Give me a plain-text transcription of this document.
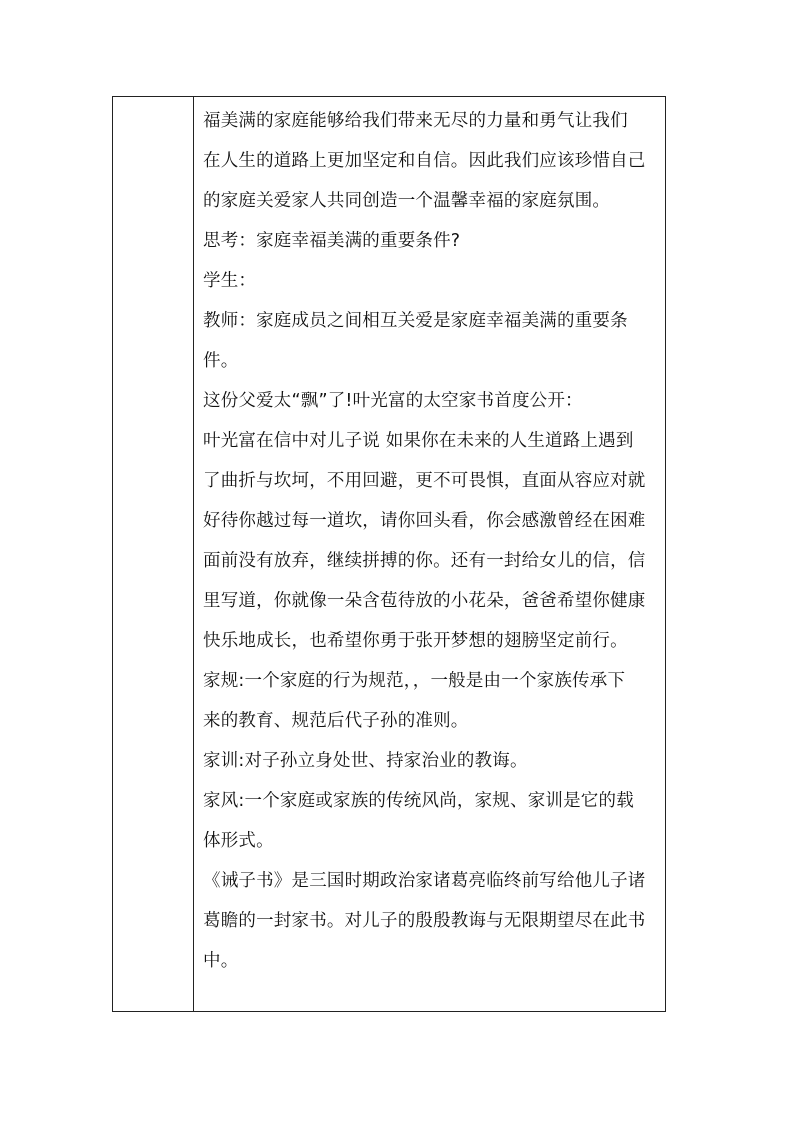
福美满的家庭能够给我们带来无尽的力量和勇气让我们
在人生的道路上更加坚定和自信。因此我们应该珍惜自己
的家庭关爱家人共同创造一个温馨幸福的家庭氛围。
思考：家庭幸福美满的重要条件?
学生：
教师：家庭成员之间相互关爱是家庭幸福美满的重要条
件。
这份父爱太“飘”了!叶光富的太空家书首度公开：
叶光富在信中对儿子说 如果你在未来的人生道路上遇到
了曲折与坎坷，不用回避，更不可畏惧，直面从容应对就
好待你越过每一道坎，请你回头看，你会感激曾经在困难
面前没有放弃，继续拼搏的你。还有一封给女儿的信，信
里写道，你就像一朵含苞待放的小花朵，爸爸希望你健康
快乐地成长，也希望你勇于张开梦想的翅膀坚定前行。
家规:一个家庭的行为规范，，一般是由一个家族传承下
来的教育、规范后代子孙的准则。
家训:对子孙立身处世、持家治业的教诲。
家风:一个家庭或家族的传统风尚，家规、家训是它的载
体形式。
《诫子书》是三国时期政治家诸葛亮临终前写给他儿子诸
葛瞻的一封家书。对儿子的殷殷教诲与无限期望尽在此书
中。
